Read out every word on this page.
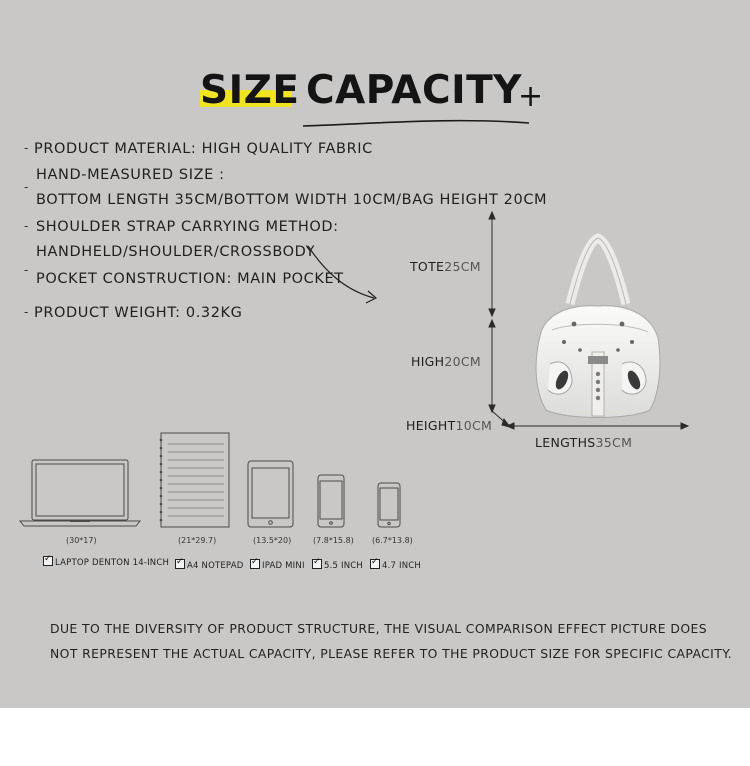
SIZE CAPACITY
+
- PRODUCT MATERIAL: HIGH QUALITY FABRIC
-
HAND-MEASURED SIZE :
BOTTOM LENGTH 35CM/BOTTOM WIDTH 10CM/BAG HEIGHT 20CM
- SHOULDER STRAP CARRYING METHOD:
HANDHELD/SHOULDER/CROSSBODY
-
POCKET CONSTRUCTION: MAIN POCKET
- PRODUCT WEIGHT: 0.32KG
TOTE25CM
HIGH20CM
HEIGHT10CM
LENGTHS35CM
(30*17)	(21*29.7)	(13.5*20)	(7.8*15.8) (6.7*13.8)
✓LAPTOP DENTON 14-INCH ✓	A4 NOTEPAD ✓	IPAD MINI ✓	5.5 INCH ✓	4.7 INCH
DUE TO THE DIVERSITY OF PRODUCT STRUCTURE, THE VISUAL COMPARISON EFFECT PICTURE DOES
NOT REPRESENT THE ACTUAL CAPACITY, PLEASE REFER TO THE PRODUCT SIZE FOR SPECIFIC CAPACITY.
